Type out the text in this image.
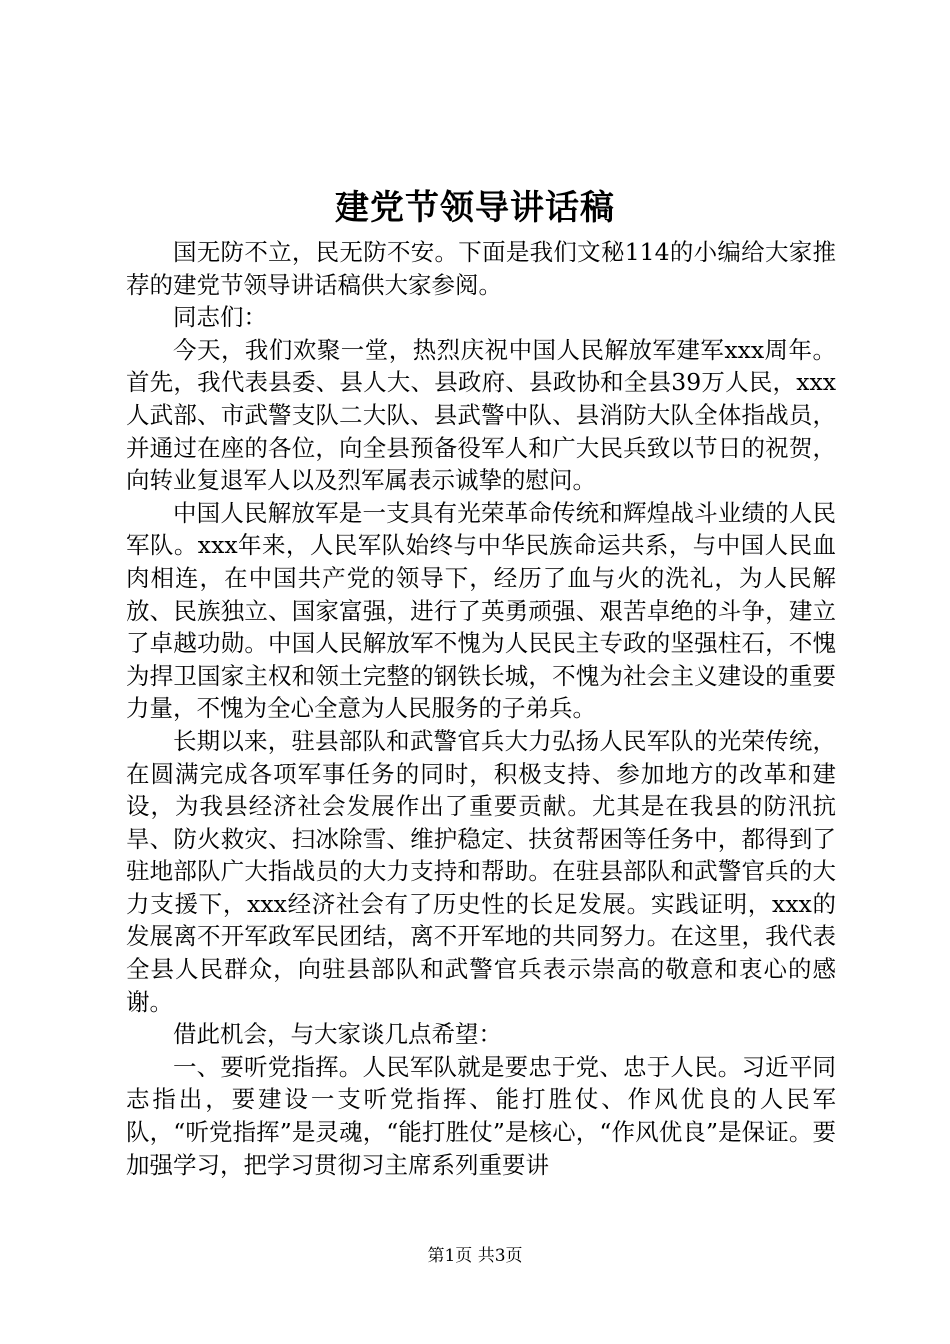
建党节领导讲话稿

国无防不立，民无防不安。下面是我们文秘114的小编给大家推荐的建党节领导讲话稿供大家参阅。

同志们：

今天，我们欢聚一堂，热烈庆祝中国人民解放军建军xxx周年。首先，我代表县委、县人大、县政府、县政协和全县39万人民，xxx人武部、市武警支队二大队、县武警中队、县消防大队全体指战员，并通过在座的各位，向全县预备役军人和广大民兵致以节日的祝贺，向转业复退军人以及烈军属表示诚挚的慰问。

中国人民解放军是一支具有光荣革命传统和辉煌战斗业绩的人民军队。xxx年来，人民军队始终与中华民族命运共系，与中国人民血肉相连，在中国共产党的领导下，经历了血与火的洗礼，为人民解放、民族独立、国家富强，进行了英勇顽强、艰苦卓绝的斗争，建立了卓越功勋。中国人民解放军不愧为人民民主专政的坚强柱石，不愧为捍卫国家主权和领土完整的钢铁长城，不愧为社会主义建设的重要力量，不愧为全心全意为人民服务的子弟兵。

长期以来，驻县部队和武警官兵大力弘扬人民军队的光荣传统，在圆满完成各项军事任务的同时，积极支持、参加地方的改革和建设，为我县经济社会发展作出了重要贡献。尤其是在我县的防汛抗旱、防火救灾、扫冰除雪、维护稳定、扶贫帮困等任务中，都得到了驻地部队广大指战员的大力支持和帮助。在驻县部队和武警官兵的大力支援下，xxx经济社会有了历史性的长足发展。实践证明，xxx的发展离不开军政军民团结，离不开军地的共同努力。在这里，我代表全县人民群众，向驻县部队和武警官兵表示崇高的敬意和衷心的感谢。

借此机会，与大家谈几点希望：

一、要听党指挥。人民军队就是要忠于党、忠于人民。习近平同志指出，要建设一支听党指挥、能打胜仗、作风优良的人民军队，“听党指挥”是灵魂，“能打胜仗”是核心，“作风优良”是保证。要加强学习，把学习贯彻习主席系列重要讲

第1页 共3页
